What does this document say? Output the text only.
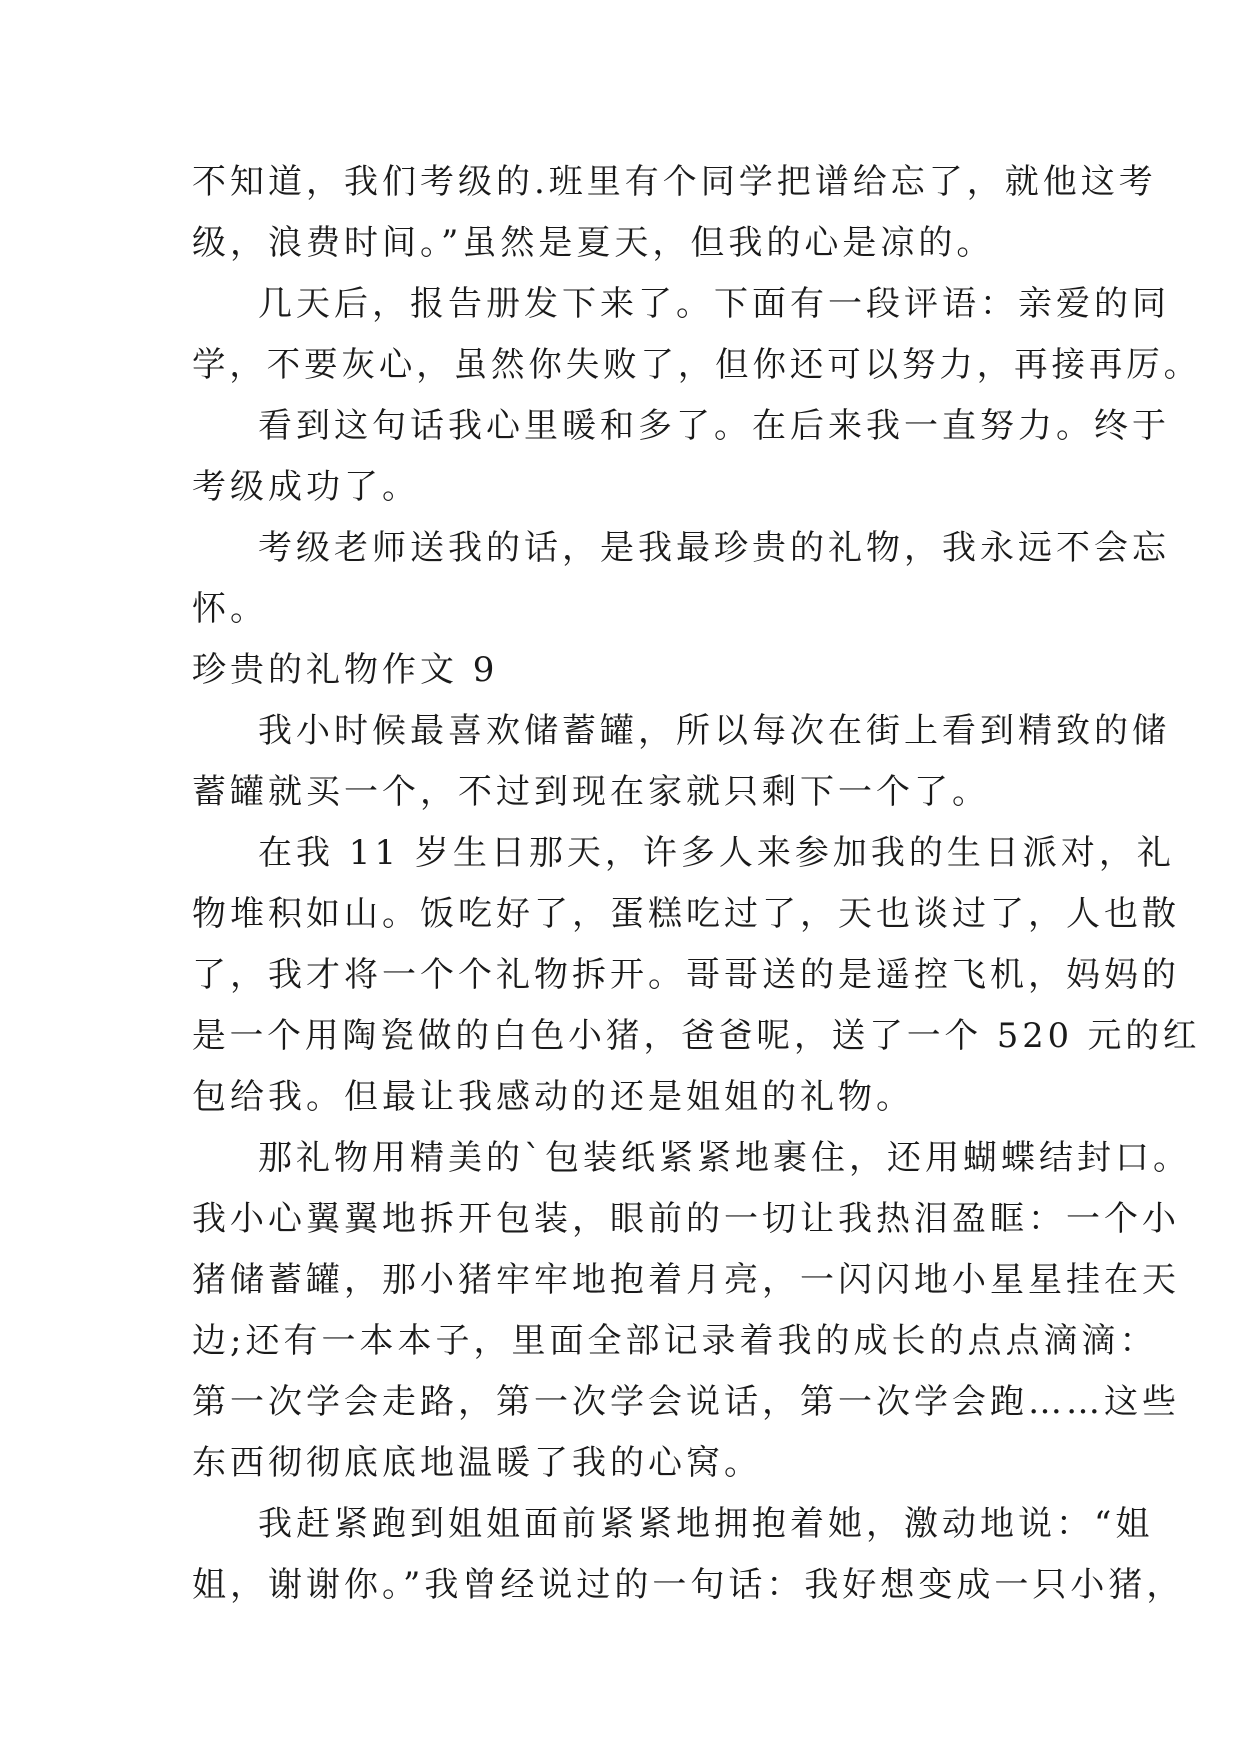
不知道，我们考级的.班里有个同学把谱给忘了，就他这考
级，浪费时间。”虽然是夏天，但我的心是凉的。
几天后，报告册发下来了。下面有一段评语：亲爱的同
学，不要灰心，虽然你失败了，但你还可以努力，再接再厉。
看到这句话我心里暖和多了。在后来我一直努力。终于
考级成功了。
考级老师送我的话，是我最珍贵的礼物，我永远不会忘
怀。
珍贵的礼物作文 9
我小时候最喜欢储蓄罐，所以每次在街上看到精致的储
蓄罐就买一个，不过到现在家就只剩下一个了。
在我 11 岁生日那天，许多人来参加我的生日派对，礼
物堆积如山。饭吃好了，蛋糕吃过了，天也谈过了，人也散
了，我才将一个个礼物拆开。哥哥送的是遥控飞机，妈妈的
是一个用陶瓷做的白色小猪，爸爸呢，送了一个 520 元的红
包给我。但最让我感动的还是姐姐的礼物。
那礼物用精美的`包装纸紧紧地裹住，还用蝴蝶结封口。
我小心翼翼地拆开包装，眼前的一切让我热泪盈眶：一个小
猪储蓄罐，那小猪牢牢地抱着月亮，一闪闪地小星星挂在天
边;还有一本本子，里面全部记录着我的成长的点点滴滴：
第一次学会走路，第一次学会说话，第一次学会跑……这些
东西彻彻底底地温暖了我的心窝。
我赶紧跑到姐姐面前紧紧地拥抱着她，激动地说：“姐
姐，谢谢你。”我曾经说过的一句话：我好想变成一只小猪，
